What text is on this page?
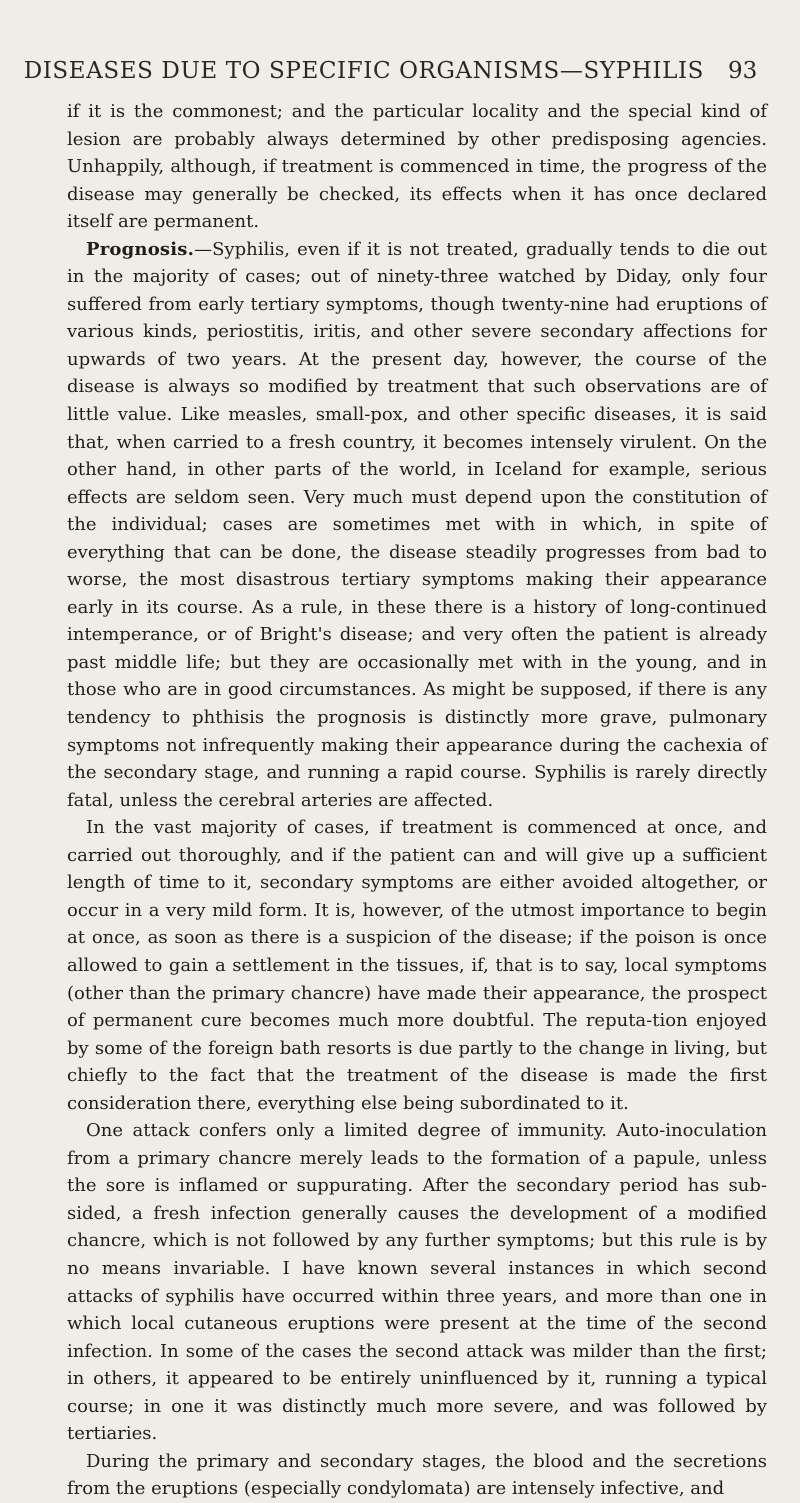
DISEASES DUE TO SPECIFIC ORGANISMS—SYPHILIS 93

if it is the commonest; and the particular locality and the special kind of lesion are probably always determined by other predisposing agencies. Unhappily, although, if treatment is commenced in time, the progress of the disease may generally be checked, its effects when it has once declared itself are permanent.

Prognosis.—Syphilis, even if it is not treated, gradually tends to die out in the majority of cases; out of ninety-three watched by Diday, only four suffered from early tertiary symptoms, though twenty-nine had eruptions of various kinds, periostitis, iritis, and other severe secondary affections for upwards of two years. At the present day, however, the course of the disease is always so modified by treatment that such observations are of little value. Like measles, small-pox, and other specific diseases, it is said that, when carried to a fresh country, it becomes intensely virulent. On the other hand, in other parts of the world, in Iceland for example, serious effects are seldom seen. Very much must depend upon the constitution of the individual; cases are sometimes met with in which, in spite of everything that can be done, the disease steadily progresses from bad to worse, the most disastrous tertiary symptoms making their appearance early in its course. As a rule, in these there is a history of long-continued intemperance, or of Bright's disease; and very often the patient is already past middle life; but they are occasionally met with in the young, and in those who are in good circumstances. As might be supposed, if there is any tendency to phthisis the prognosis is distinctly more grave, pulmonary symptoms not infrequently making their appearance during the cachexia of the secondary stage, and running a rapid course. Syphilis is rarely directly fatal, unless the cerebral arteries are affected.

In the vast majority of cases, if treatment is commenced at once, and carried out thoroughly, and if the patient can and will give up a sufficient length of time to it, secondary symptoms are either avoided altogether, or occur in a very mild form. It is, however, of the utmost importance to begin at once, as soon as there is a suspicion of the disease; if the poison is once allowed to gain a settlement in the tissues, if, that is to say, local symptoms (other than the primary chancre) have made their appearance, the prospect of permanent cure becomes much more doubtful. The reputa-tion enjoyed by some of the foreign bath resorts is due partly to the change in living, but chiefly to the fact that the treatment of the disease is made the first consideration there, everything else being subordinated to it.

One attack confers only a limited degree of immunity. Auto-inoculation from a primary chancre merely leads to the formation of a papule, unless the sore is inflamed or suppurating. After the secondary period has sub-sided, a fresh infection generally causes the development of a modified chancre, which is not followed by any further symptoms; but this rule is by no means invariable. I have known several instances in which second attacks of syphilis have occurred within three years, and more than one in which local cutaneous eruptions were present at the time of the second infection. In some of the cases the second attack was milder than the first; in others, it appeared to be entirely uninfluenced by it, running a typical course; in one it was distinctly much more severe, and was followed by tertiaries.

During the primary and secondary stages, the blood and the secretions from the eruptions (especially condylomata) are intensely infective, and
